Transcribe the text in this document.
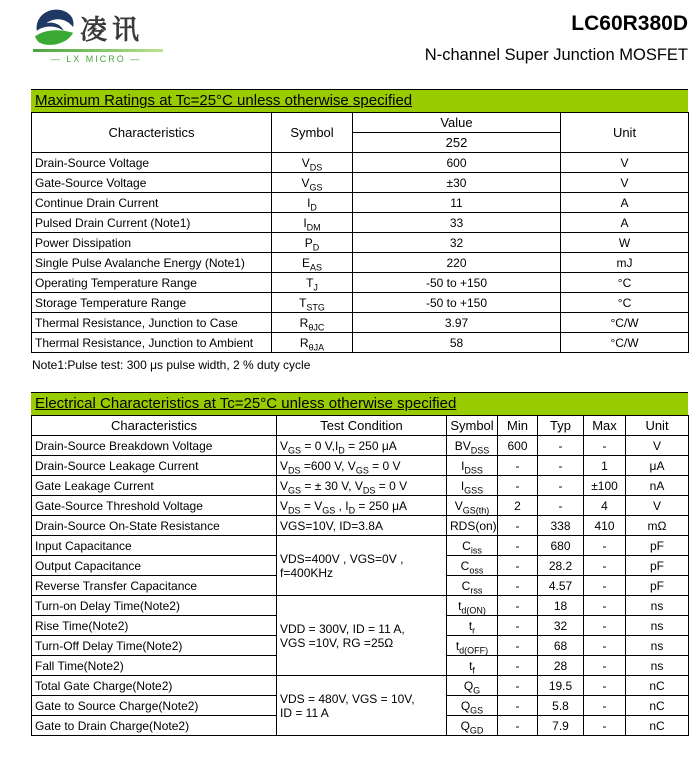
凌讯
— LX MICRO —
LC60R380D
N-channel Super Junction MOSFET
Maximum Ratings at Tc=25°C unless otherwise specified
Characteristics	Symbol	Value	Unit
		252	
Drain-Source Voltage	$V_{DS}$	600	V
Gate-Source Voltage	$V_{GS}$	±30	V
Continue Drain Current	$I_D$	11	A
Pulsed Drain Current (Note1)	$I_{DM}$	33	A
Power Dissipation	$P_D$	32	W
Single Pulse Avalanche Energy (Note1)	$E_{AS}$	220	mJ
Operating Temperature Range	$T_J$	-50 to +150	°C
Storage Temperature Range	$T_{STG}$	-50 to +150	°C
Thermal Resistance, Junction to Case	$R_{\theta JC}$	3.97	°C/W
Thermal Resistance, Junction to Ambient	$R_{\theta JA}$	58	°C/W
Note1:Pulse test: 300 μs pulse width, 2 % duty cycle
Electrical Characteristics at Tc=25°C unless otherwise specified
Characteristics	Test Condition	Symbol	Min	Typ	Max	Unit
Drain-Source Breakdown Voltage	$V_{GS} = 0$ $V,I_D = 250$ μA	$BV_{DSS}$	600	-	-	V
Drain-Source Leakage Current	$V_{DS} =600$ V, $V_{GS} = 0$ V	$I_{DSS}$	-	-	1	μA
Gate Leakage Current	$V_{GS}$ = ± 30 V, $V_{DS} = 0$ V	$I_{GSS}$	-	-	±100	nA
Gate-Source Threshold Voltage	$V_{DS} = V_{GS}$ , $I_D = 250$ μA	$V_{GS(th)}$	2	-	4	V
Drain-Source On-State Resistance	VGS=10V, ID=3.8A	RDS(on)	-	338	410	mΩ
Input Capacitance	VDS=400V , VGS=0V ,
f=400KHz	$C_{iss}$	-	680	-	pF
Output Capacitance		$C_{oss}$	-	28.2	-	pF
Reverse Transfer Capacitance		$C_{rss}$	-	4.57	-	pF
Turn-on Delay Time(Note2)	VDD = 300V, ID = 11 A,
VGS =10V, RG =25Ω	$t_{d(ON)}$	-	18	-	ns
Rise Time(Note2)		$t_r$	-	32	-	ns
Turn-Off Delay Time(Note2)		$t_{d(OFF)}$	-	68	-	ns
Fall Time(Note2)		$t_f$	-	28	-	ns
Total Gate Charge(Note2)	VDS = 480V, VGS = 10V,
ID = 11 A	$Q_G$	-	19.5	-	nC
Gate to Source Charge(Note2)		$Q_{GS}$	-	5.8	-	nC
Gate to Drain Charge(Note2)		$Q_{GD}$	-	7.9	-	nC
